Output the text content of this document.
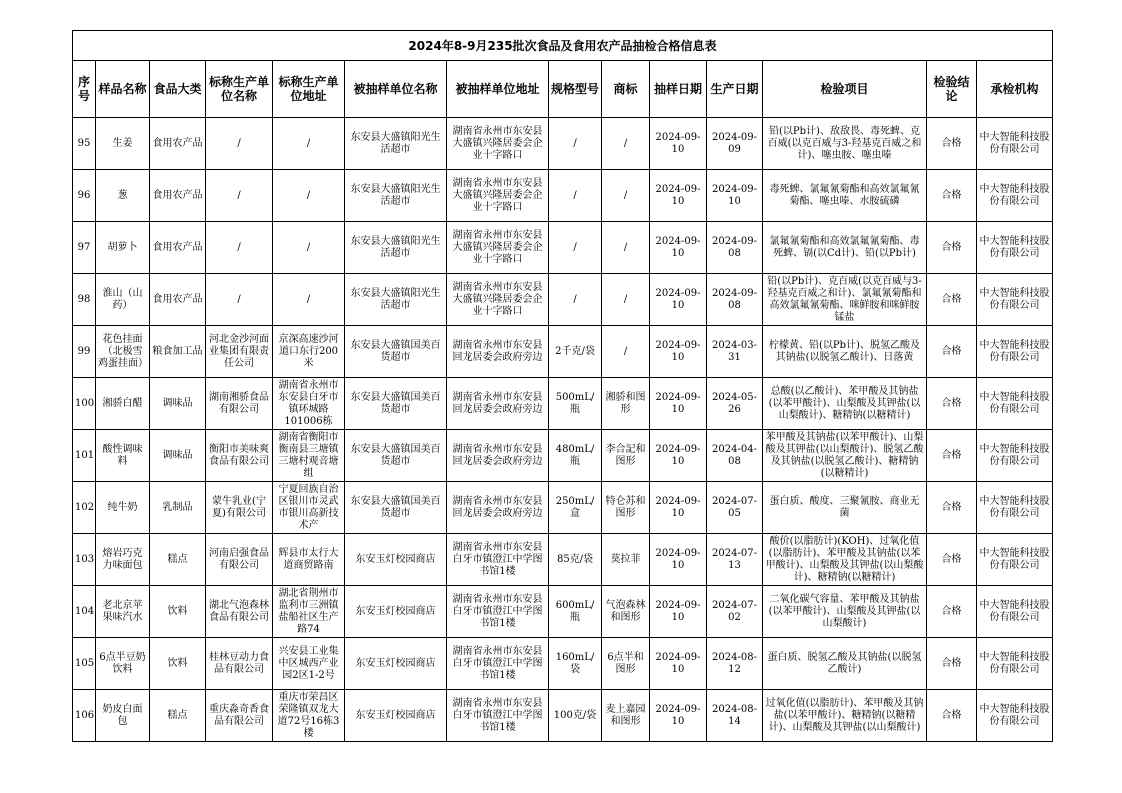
2024年8-9月235批次食品及食用农产品抽检合格信息表													
序号	样品名称	食品大类	标称生产单位名称	标称生产单位地址	被抽样单位名称	被抽样单位地址	规格型号	商标	抽样日期	生产日期	检验项目	检验结论	承检机构
95	生姜	食用农产品	/	/	东安县大盛镇阳光生活超市	湖南省永州市东安县大盛镇兴隆居委会企业十字路口	/	/	2024-09-10	2024-09-09	铅(以Pb计)、敌敌畏、毒死蜱、克百威(以克百威与3-羟基克百威之和计)、噻虫胺、噻虫嗪	合格	中大智能科技股份有限公司
96	葱	食用农产品	/	/	东安县大盛镇阳光生活超市	湖南省永州市东安县大盛镇兴隆居委会企业十字路口	/	/	2024-09-10	2024-09-10	毒死蜱、氯氟氰菊酯和高效氯氟氰菊酯、噻虫嗪、水胺硫磷	合格	中大智能科技股份有限公司
97	胡萝卜	食用农产品	/	/	东安县大盛镇阳光生活超市	湖南省永州市东安县大盛镇兴隆居委会企业十字路口	/	/	2024-09-10	2024-09-08	氯氟氰菊酯和高效氯氟氰菊酯、毒死蜱、镉(以Cd计)、铅(以Pb计)	合格	中大智能科技股份有限公司
98	淮山（山药）	食用农产品	/	/	东安县大盛镇阳光生活超市	湖南省永州市东安县大盛镇兴隆居委会企业十字路口	/	/	2024-09-10	2024-09-08	铅(以Pb计)、克百威(以克百威与3-羟基克百威之和计)、氯氟氰菊酯和高效氯氟氰菊酯、咪鲜胺和咪鲜胺锰盐	合格	中大智能科技股份有限公司
99	花色挂面（北极雪鸡蛋挂面）	粮食加工品	河北金沙河面业集团有限责任公司	京深高速沙河道口东行200米	东安县大盛镇国美百货超市	湖南省永州市东安县回龙居委会政府旁边	2千克/袋	/	2024-09-10	2024-03-31	柠檬黄、铅(以Pb计)、脱氢乙酸及其钠盐(以脱氢乙酸计)、日落黄	合格	中大智能科技股份有限公司
100	湘骄白醋	调味品	湖南湘骄食品有限公司	湖南省永州市东安县白牙市镇环城路101006栋	东安县大盛镇国美百货超市	湖南省永州市东安县回龙居委会政府旁边	500mL/瓶	湘骄和图形	2024-09-10	2024-05-26	总酸(以乙酸计)、苯甲酸及其钠盐(以苯甲酸计)、山梨酸及其钾盐(以山梨酸计)、糖精钠(以糖精计)	合格	中大智能科技股份有限公司
101	酸性调味料	调味品	衡阳市美味爽食品有限公司	湖南省衡阳市衡南县三塘镇三塘村观音塘组	东安县大盛镇国美百货超市	湖南省永州市东安县回龙居委会政府旁边	480mL/瓶	李合記和图形	2024-09-10	2024-04-08	苯甲酸及其钠盐(以苯甲酸计)、山梨酸及其钾盐(以山梨酸计)、脱氢乙酸及其钠盐(以脱氢乙酸计)、糖精钠(以糖精计)	合格	中大智能科技股份有限公司
102	纯牛奶	乳制品	蒙牛乳业(宁夏)有限公司	宁夏回族自治区银川市灵武市银川高新技术产	东安县大盛镇国美百货超市	湖南省永州市东安县回龙居委会政府旁边	250mL/盒	特仑苏和图形	2024-09-10	2024-07-05	蛋白质、酸度、三聚氰胺、商业无菌	合格	中大智能科技股份有限公司
103	熔岩巧克力味面包	糕点	河南启强食品有限公司	辉县市太行大道商贸路南	东安玉灯校园商店	湖南省永州市东安县白牙市镇澄江中学图书馆1楼	85克/袋	莫拉菲	2024-09-10	2024-07-13	酸价(以脂肪计)(KOH)、过氧化值(以脂肪计)、苯甲酸及其钠盐(以苯甲酸计)、山梨酸及其钾盐(以山梨酸计)、糖精钠(以糖精计)	合格	中大智能科技股份有限公司
104	老北京苹果味汽水	饮料	湖北气泡森林食品有限公司	湖北省荆州市监利市三洲镇盐船社区生产路74	东安玉灯校园商店	湖南省永州市东安县白牙市镇澄江中学图书馆1楼	600mL/瓶	气泡森林和图形	2024-09-10	2024-07-02	二氧化碳气容量、苯甲酸及其钠盐(以苯甲酸计)、山梨酸及其钾盐(以山梨酸计)	合格	中大智能科技股份有限公司
105	6点半豆奶饮料	饮料	桂林豆动力食品有限公司	兴安县工业集中区城西产业园2区1-2号	东安玉灯校园商店	湖南省永州市东安县白牙市镇澄江中学图书馆1楼	160mL/袋	6点半和图形	2024-09-10	2024-08-12	蛋白质、脱氢乙酸及其钠盐(以脱氢乙酸计)	合格	中大智能科技股份有限公司
106	奶皮白面包	糕点	重庆淼奇香食品有限公司	重庆市荣昌区荣隆镇双龙大道72号16栋3楼	东安玉灯校园商店	湖南省永州市东安县白牙市镇澄江中学图书馆1楼	100克/袋	麦上嘉园和图形	2024-09-10	2024-08-14	过氧化值(以脂肪计)、苯甲酸及其钠盐(以苯甲酸计)、糖精钠(以糖精计)、山梨酸及其钾盐(以山梨酸计)	合格	中大智能科技股份有限公司
